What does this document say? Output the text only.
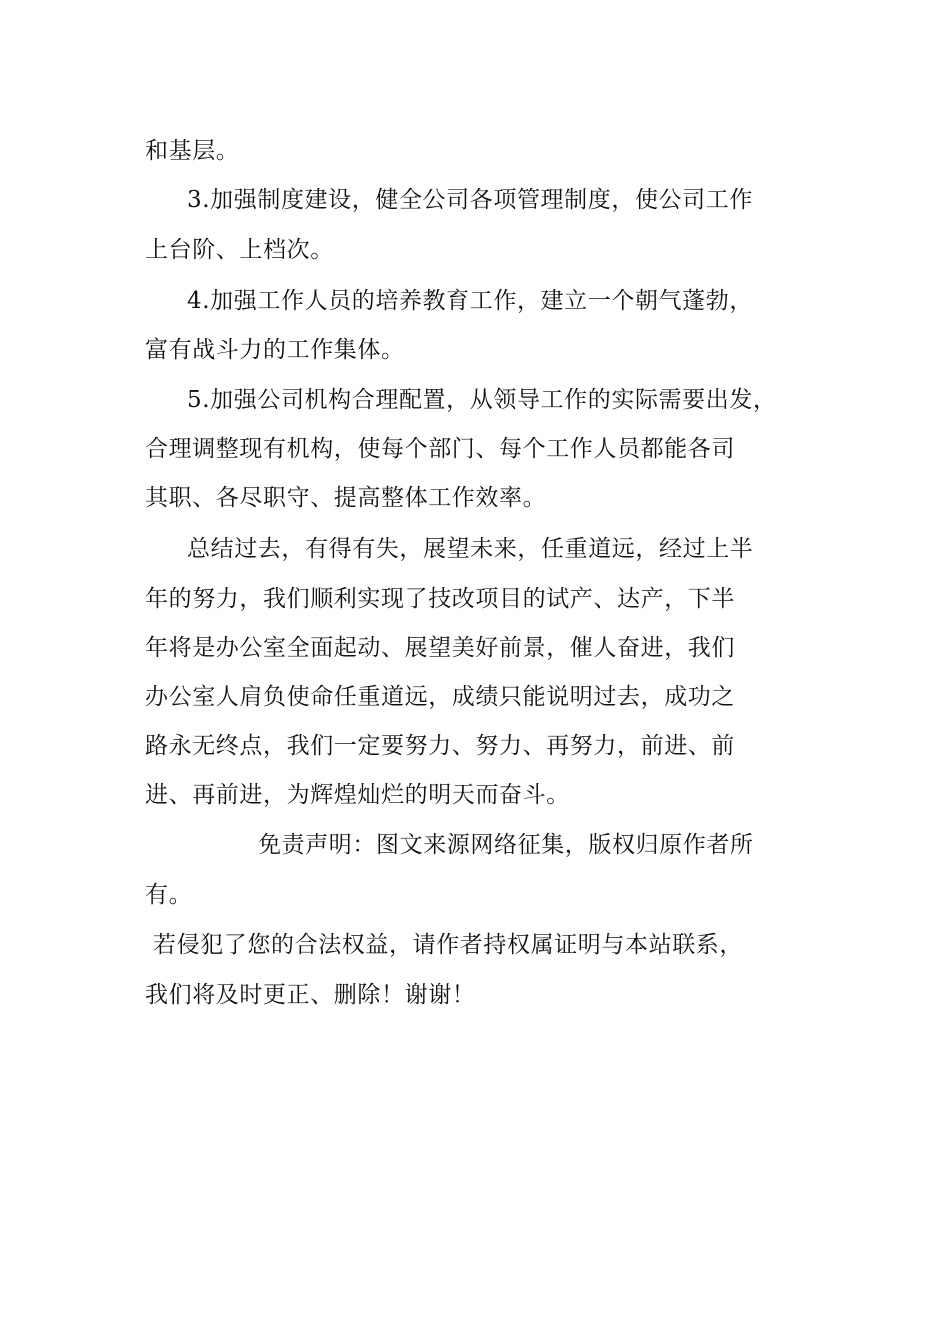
和基层。
3.加强制度建设，健全公司各项管理制度，使公司工作
上台阶、上档次。
4.加强工作人员的培养教育工作，建立一个朝气蓬勃，
富有战斗力的工作集体。
5.加强公司机构合理配置，从领导工作的实际需要出发，
合理调整现有机构，使每个部门、每个工作人员都能各司
其职、各尽职守、提高整体工作效率。
总结过去，有得有失，展望未来，任重道远，经过上半
年的努力，我们顺利实现了技改项目的试产、达产，下半
年将是办公室全面起动、展望美好前景，催人奋进，我们
办公室人肩负使命任重道远，成绩只能说明过去，成功之
路永无终点，我们一定要努力、努力、再努力，前进、前
进、再前进，为辉煌灿烂的明天而奋斗。
免责声明：图文来源网络征集，版权归原作者所
有。
若侵犯了您的合法权益，请作者持权属证明与本站联系，
我们将及时更正、删除！谢谢！
